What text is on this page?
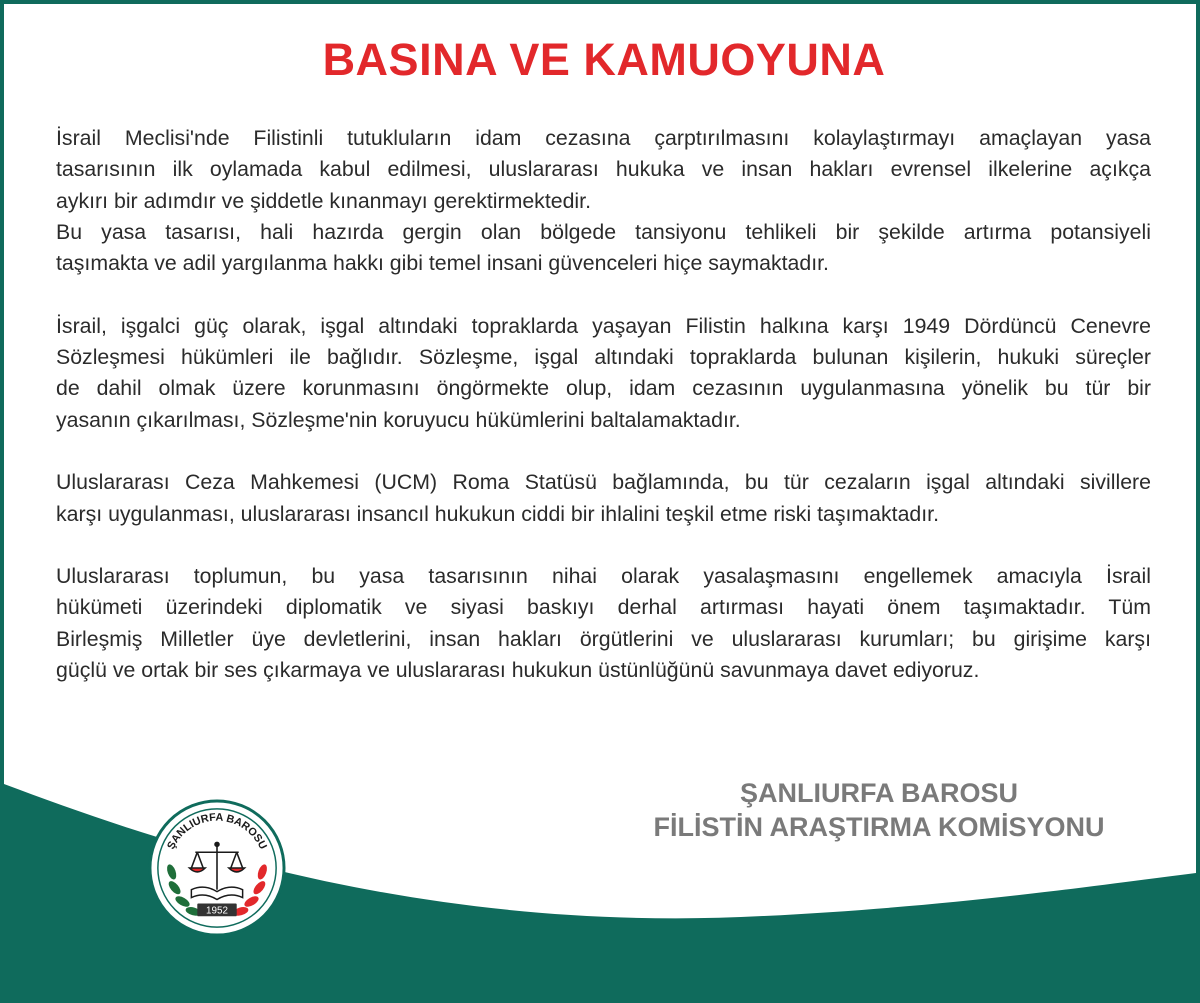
BASINA VE KAMUOYUNA

İsrail Meclisi'nde Filistinli tutukluların idam cezasına çarptırılmasını kolaylaştırmayı amaçlayan yasa
tasarısının ilk oylamada kabul edilmesi, uluslararası hukuka ve insan hakları evrensel ilkelerine açıkça
aykırı bir adımdır ve şiddetle kınanmayı gerektirmektedir.
Bu yasa tasarısı, hali hazırda gergin olan bölgede tansiyonu tehlikeli bir şekilde artırma potansiyeli
taşımakta ve adil yargılanma hakkı gibi temel insani güvenceleri hiçe saymaktadır.

İsrail, işgalci güç olarak, işgal altındaki topraklarda yaşayan Filistin halkına karşı 1949 Dördüncü Cenevre
Sözleşmesi hükümleri ile bağlıdır. Sözleşme, işgal altındaki topraklarda bulunan kişilerin, hukuki süreçler
de dahil olmak üzere korunmasını öngörmekte olup, idam cezasının uygulanmasına yönelik bu tür bir
yasanın çıkarılması, Sözleşme'nin koruyucu hükümlerini baltalamaktadır.

Uluslararası Ceza Mahkemesi (UCM) Roma Statüsü bağlamında, bu tür cezaların işgal altındaki sivillere
karşı uygulanması, uluslararası insancıl hukukun ciddi bir ihlalini teşkil etme riski taşımaktadır.

Uluslararası toplumun, bu yasa tasarısının nihai olarak yasalaşmasını engellemek amacıyla İsrail
hükümeti üzerindeki diplomatik ve siyasi baskıyı derhal artırması hayati önem taşımaktadır. Tüm
Birleşmiş Milletler üye devletlerini, insan hakları örgütlerini ve uluslararası kurumları; bu girişime karşı
güçlü ve ortak bir ses çıkarmaya ve uluslararası hukukun üstünlüğünü savunmaya davet ediyoruz.

ŞANLIURFA BAROSU
FİLİSTİN ARAŞTIRMA KOMİSYONU
ŞANLIURFA BAROSU
1952
